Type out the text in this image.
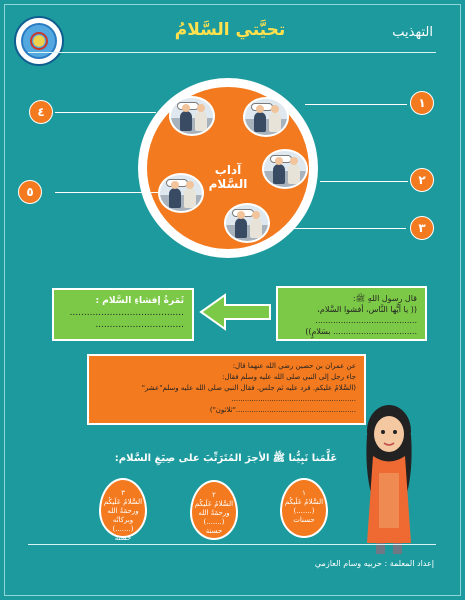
التهذيب
تحيَّتي السَّلامُ
آداب السَّلام
١
٢
٣
٤
٥
قال رسول اللهِ ﷺ:
(( يا أيُّها النَّاس، أفشوا السَّلام،
........................................
................................. بسَلامٍ))
ثَمَرةُ إفشاءِ السَّلام :
........................................
...............................
عن عمران بن حصين رضي الله عنهما قال:
جاء رجل إلى النبي صلى الله عليه وسلم فقال:
(السَّلامُ عليكم. فرد عليه ثم جلس. فقال النبي صلى الله عليه وسلم"عشر"
........................................................
......................................................"ثلاثون")
عَلَّمَنا نَبِيُّنا ﷺ الأجرَ المُتَرَتِّبَ على صِيَغِ السَّلام:
١
السَّلامُ عَلَيكُم
(.......)
حسنات
٢
السَّلامُ عَلَيكُم
ورحمَةُ الله
(.......)
حسنة
٣
السَّلامُ عَلَيكُم
ورحمَةُ الله وبركاتُه
(.......)
حسنة
إعداد المعلمة : حربيه وسام العازمي
